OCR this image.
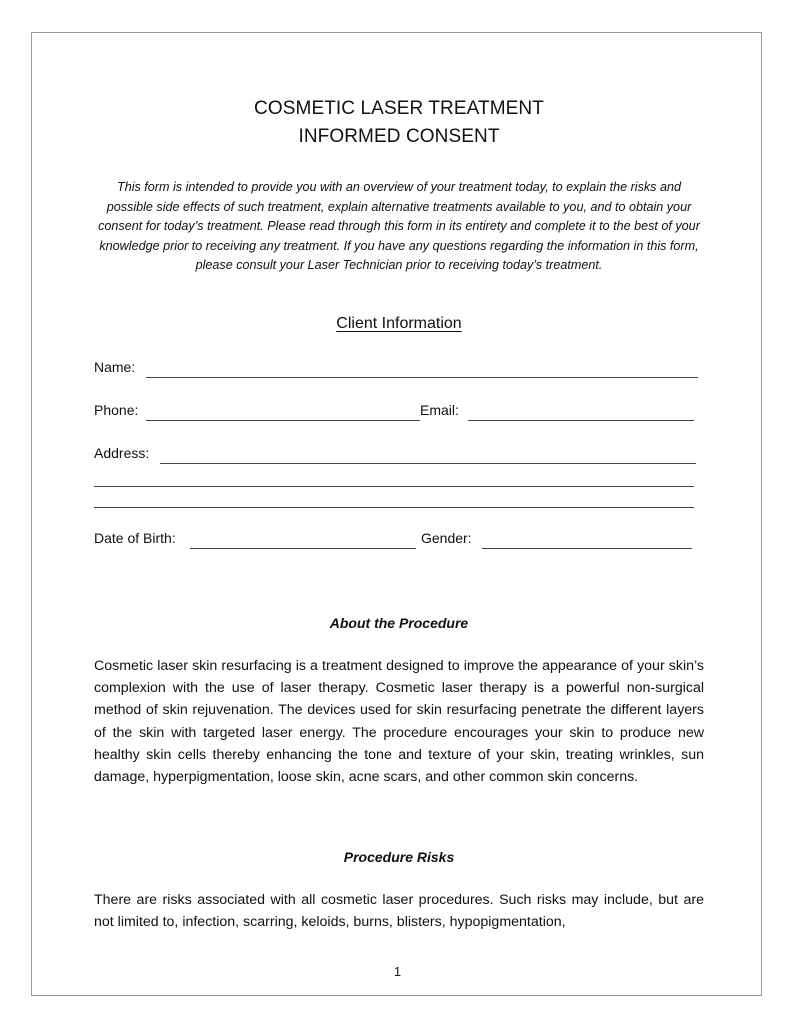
COSMETIC LASER TREATMENT
INFORMED CONSENT
This form is intended to provide you with an overview of your treatment today, to explain the risks and possible side effects of such treatment, explain alternative treatments available to you, and to obtain your consent for today’s treatment. Please read through this form in its entirety and complete it to the best of your knowledge prior to receiving any treatment. If you have any questions regarding the information in this form, please consult your Laser Technician prior to receiving today’s treatment.
Client Information
Name:
Phone:	Email:
Address:
Date of Birth:	Gender:
About the Procedure
Cosmetic laser skin resurfacing is a treatment designed to improve the appearance of your skin’s complexion with the use of laser therapy. Cosmetic laser therapy is a powerful non-surgical method of skin rejuvenation. The devices used for skin resurfacing penetrate the different layers of the skin with targeted laser energy. The procedure encourages your skin to produce new healthy skin cells thereby enhancing the tone and texture of your skin, treating wrinkles, sun damage, hyperpigmentation, loose skin, acne scars, and other common skin concerns.
Procedure Risks
There are risks associated with all cosmetic laser procedures. Such risks may include, but are not limited to, infection, scarring, keloids, burns, blisters, hypopigmentation,
1
